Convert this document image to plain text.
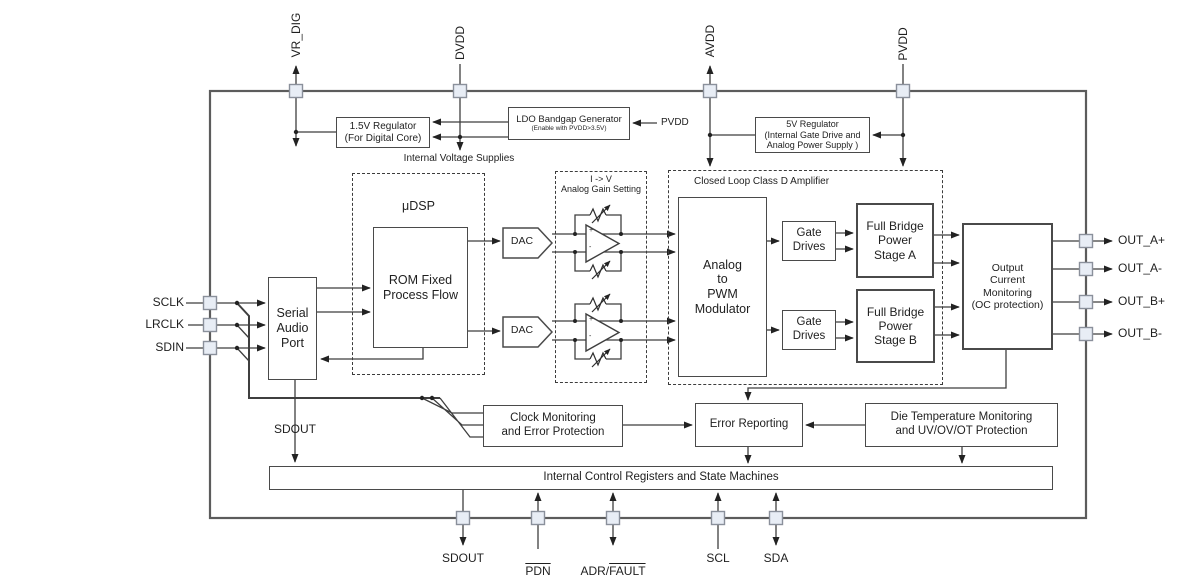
μDSP
I -> V
Analog Gain Setting
Closed Loop Class D Amplifier
1.5V Regulator
(For Digital Core)
LDO Bandgap Generator
(Enable with PVDD>3.5V)	5V Regulator
(Internal Gate Drive and
Analog Power Supply )
Serial
Audio
Port
ROM Fixed
Process Flow
DAC
DAC
+
-
+
-
Analog
to
PWM
Modulator
Gate
Drives
Gate
Drives
Full Bridge
Power
Stage A
Full Bridge
Power
Stage B
Output
Current
Monitoring
(OC protection)
Clock Monitoring
and Error Protection
Error Reporting
Die Temperature Monitoring
and UV/OV/OT Protection
Internal Control Registers and State Machines
VR_DIG	DVDD	AVDD	PVDD
SCLK
LRCLK
SDIN
OUT_A+
OUT_A-
OUT_B+
OUT_B-
SDOUT

$\overline{PDN}$	ADR/FAULT

SCL	SDA
Internal Voltage Supplies
PVDD
SDOUT
